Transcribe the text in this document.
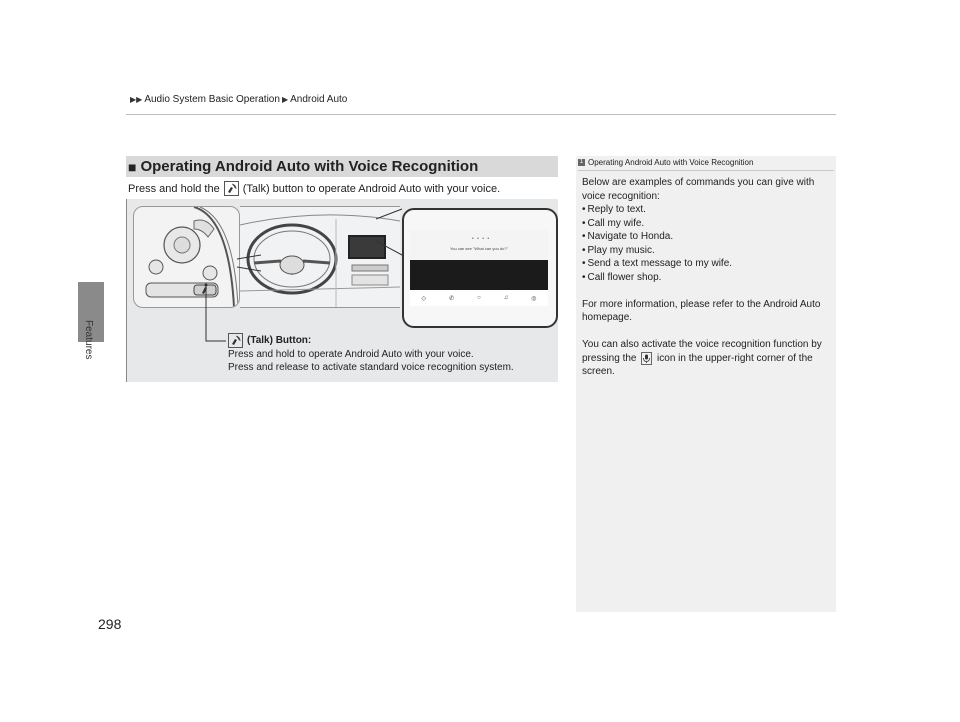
▶▶ Audio System Basic Operation ▶ Android Auto
Features
298
■ Operating Android Auto with Voice Recognition
Press and hold the (Talk) button to operate Android Auto with your voice.
• • • •
You can see "What can you do?"
◇	✆	○	♫	◎
(Talk) Button:
Press and hold to operate Android Auto with your voice.
Press and release to activate standard voice recognition system.
1 Operating Android Auto with Voice Recognition

Below are examples of commands you can give with voice recognition:

• Reply to text.
• Call my wife.
• Navigate to Honda.
• Play my music.
• Send a text message to my wife.
• Call flower shop.

For more information, please refer to the Android Auto homepage.

You can also activate the voice recognition function by pressing the icon in the upper-right corner of the screen.
